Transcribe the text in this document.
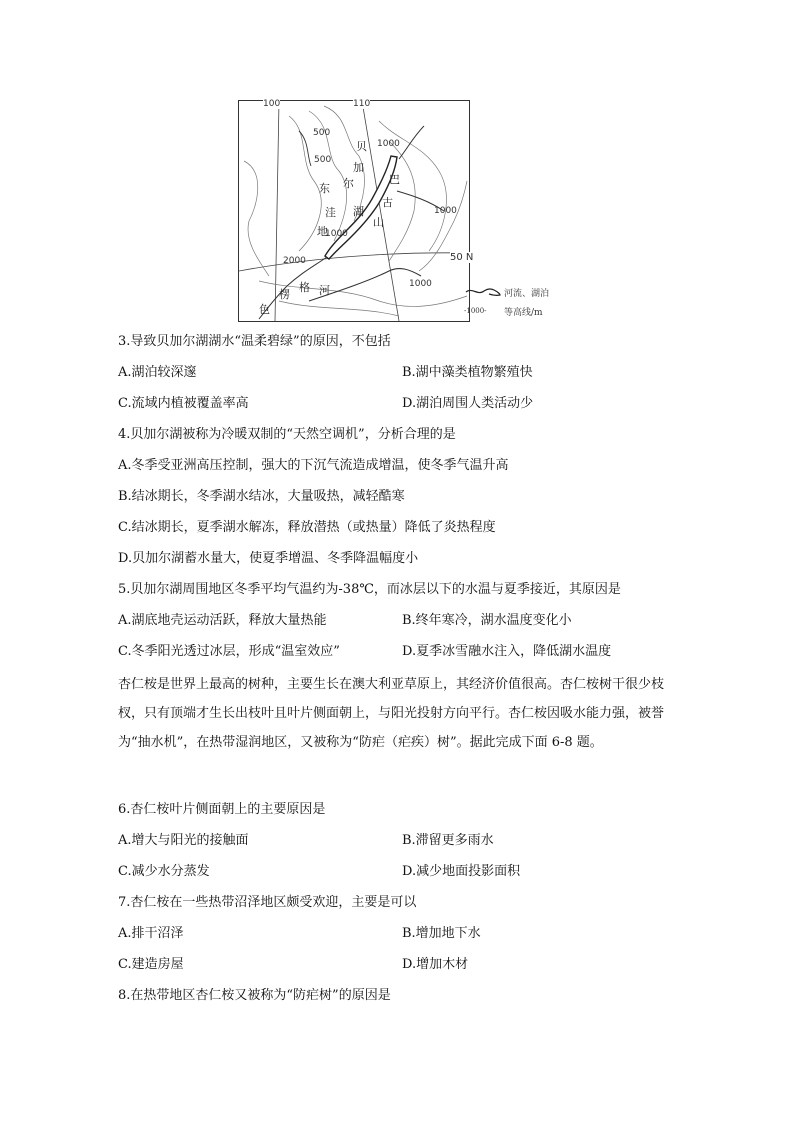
500
500
1000
1000
1000
2000
1000
东
洼
地
加
贝
尔
湖
巴
古
山
色
楞
格 河
100	110
50 N
河流、湖泊
-1000- 等高线/m
3.导致贝加尔湖湖水“温柔碧绿”的原因，不包括
A.湖泊较深邃	B.湖中藻类植物繁殖快
C.流域内植被覆盖率高	D.湖泊周围人类活动少
4.贝加尔湖被称为冷暖双制的“天然空调机”，分析合理的是
A.冬季受亚洲高压控制，强大的下沉气流造成增温，使冬季气温升高
B.结冰期长，冬季湖水结冰，大量吸热，减轻酷寒
C.结冰期长，夏季湖水解冻，释放潜热（或热量）降低了炎热程度
D.贝加尔湖蓄水量大，使夏季增温、冬季降温幅度小
5.贝加尔湖周围地区冬季平均气温约为-38℃，而冰层以下的水温与夏季接近，其原因是
A.湖底地壳运动活跃，释放大量热能	B.终年寒冷，湖水温度变化小
C.冬季阳光透过冰层，形成“温室效应”	D.夏季冰雪融水注入，降低湖水温度
杏仁桉是世界上最高的树种，主要生长在澳大利亚草原上，其经济价值很高。杏仁桉树干很少枝杈，只有顶端才生长出枝叶且叶片侧面朝上，与阳光投射方向平行。杏仁桉因吸水能力强，被誉为“抽水机”，在热带湿润地区，又被称为“防疟（疟疾）树”。据此完成下面 6-8 题。
6.杏仁桉叶片侧面朝上的主要原因是
A.增大与阳光的接触面	B.滞留更多雨水
C.减少水分蒸发	D.减少地面投影面积
7.杏仁桉在一些热带沼泽地区颇受欢迎，主要是可以
A.排干沼泽	B.增加地下水
C.建造房屋	D.增加木材
8.在热带地区杏仁桉又被称为“防疟树”的原因是
